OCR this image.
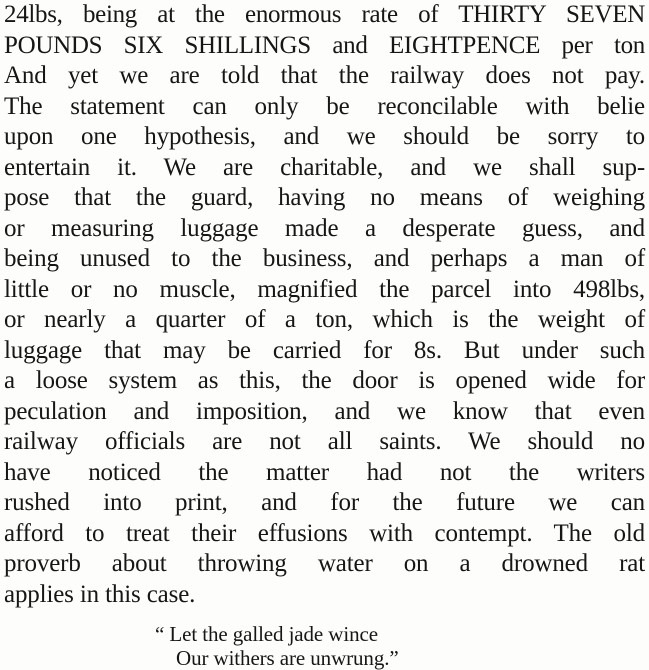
24lbs, being at the enormous rate of THIRTY SEVEN
POUNDS SIX SHILLINGS and EIGHTPENCE per ton
And yet we are told that the railway does not pay.
The statement can only be reconcilable with belie
upon one hypothesis, and we should be sorry to
entertain it. We are charitable, and we shall sup-
pose that the guard, having no means of weighing
or measuring luggage made a desperate guess, and
being unused to the business, and perhaps a man of
little or no muscle, magnified the parcel into 498lbs,
or nearly a quarter of a ton, which is the weight of
luggage that may be carried for 8s. But under such
a loose system as this, the door is opened wide for
peculation and imposition, and we know that even
railway officials are not all saints. We should no
have noticed the matter had not the writers
rushed into print, and for the future we can
afford to treat their effusions with contempt. The old
proverb about throwing water on a drowned rat
applies in this case.
“ Let the galled jade wince
Our withers are unwrung.”
